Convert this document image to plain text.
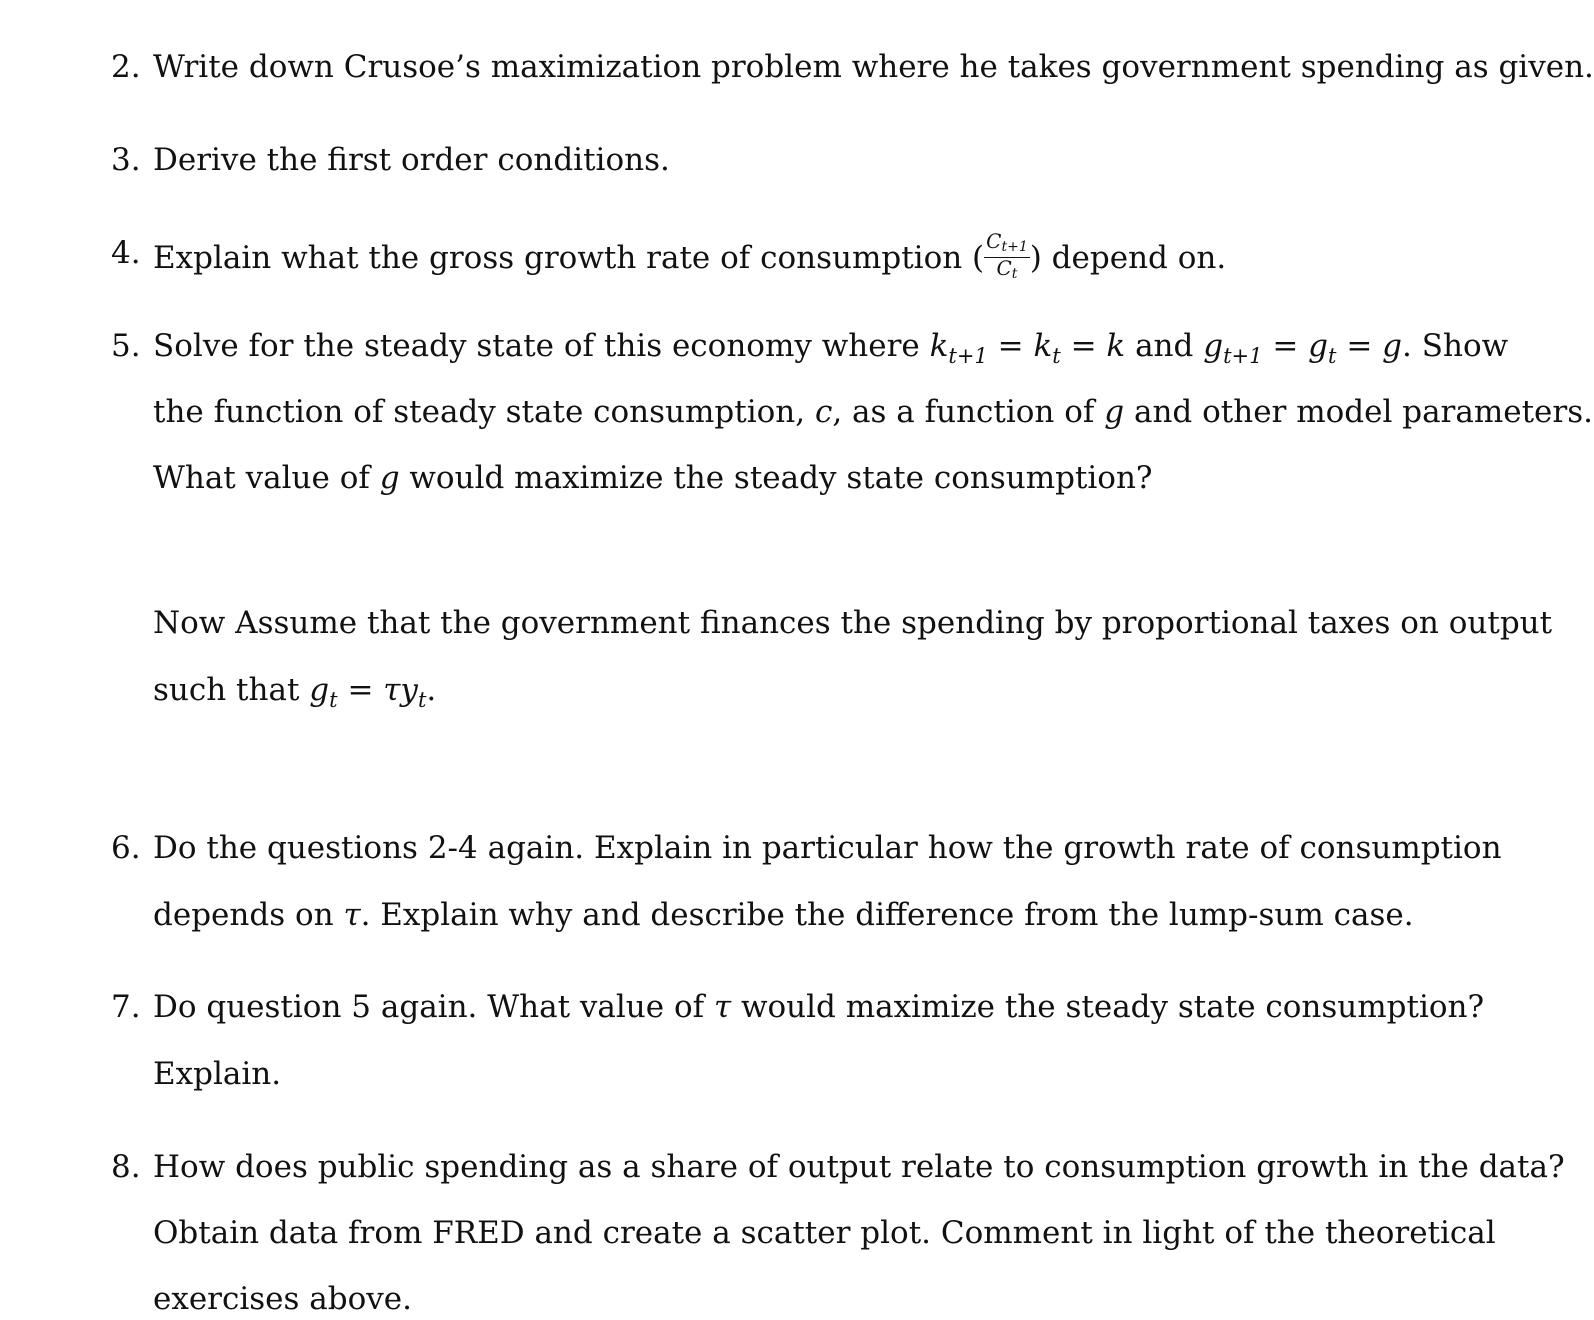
2. Write down Crusoe’s maximization problem where he takes government spending as given.
3. Derive the first order conditions.
4. Explain what the gross growth rate of consumption ( $\frac{Ct+1}{Ct}$ ) depend on.
5. Solve for the steady state of this economy where $k_{t+1} = k_t = k$ and $g_{t+1} = g_t = g$. Show
the function of steady state consumption, c, as a function of g and other model parameters.
What value of g would maximize the steady state consumption?
Now Assume that the government finances the spending by proportional taxes on output
such that $g_t = \tau y_t$.
6. Do the questions 2-4 again. Explain in particular how the growth rate of consumption
depends on τ. Explain why and describe the difference from the lump-sum case.
7. Do question 5 again. What value of τ would maximize the steady state consumption?
Explain.
8. How does public spending as a share of output relate to consumption growth in the data?
Obtain data from FRED and create a scatter plot. Comment in light of the theoretical
exercises above.
